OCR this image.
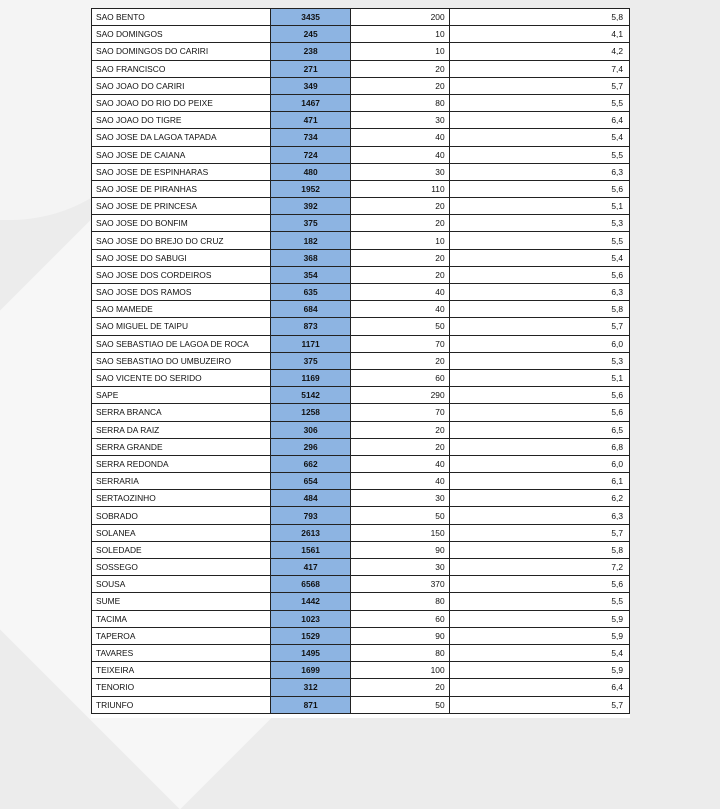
SAO BENTO	3435	200	5,8
SAO DOMINGOS	245	10	4,1
SAO DOMINGOS DO CARIRI	238	10	4,2
SAO FRANCISCO	271	20	7,4
SAO JOAO DO CARIRI	349	20	5,7
SAO JOAO DO RIO DO PEIXE	1467	80	5,5
SAO JOAO DO TIGRE	471	30	6,4
SAO JOSE DA LAGOA TAPADA	734	40	5,4
SAO JOSE DE CAIANA	724	40	5,5
SAO JOSE DE ESPINHARAS	480	30	6,3
SAO JOSE DE PIRANHAS	1952	110	5,6
SAO JOSE DE PRINCESA	392	20	5,1
SAO JOSE DO BONFIM	375	20	5,3
SAO JOSE DO BREJO DO CRUZ	182	10	5,5
SAO JOSE DO SABUGI	368	20	5,4
SAO JOSE DOS CORDEIROS	354	20	5,6
SAO JOSE DOS RAMOS	635	40	6,3
SAO MAMEDE	684	40	5,8
SAO MIGUEL DE TAIPU	873	50	5,7
SAO SEBASTIAO DE LAGOA DE ROCA	1171	70	6,0
SAO SEBASTIAO DO UMBUZEIRO	375	20	5,3
SAO VICENTE DO SERIDO	1169	60	5,1
SAPE	5142	290	5,6
SERRA BRANCA	1258	70	5,6
SERRA DA RAIZ	306	20	6,5
SERRA GRANDE	296	20	6,8
SERRA REDONDA	662	40	6,0
SERRARIA	654	40	6,1
SERTAOZINHO	484	30	6,2
SOBRADO	793	50	6,3
SOLANEA	2613	150	5,7
SOLEDADE	1561	90	5,8
SOSSEGO	417	30	7,2
SOUSA	6568	370	5,6
SUME	1442	80	5,5
TACIMA	1023	60	5,9
TAPEROA	1529	90	5,9
TAVARES	1495	80	5,4
TEIXEIRA	1699	100	5,9
TENORIO	312	20	6,4
TRIUNFO	871	50	5,7
